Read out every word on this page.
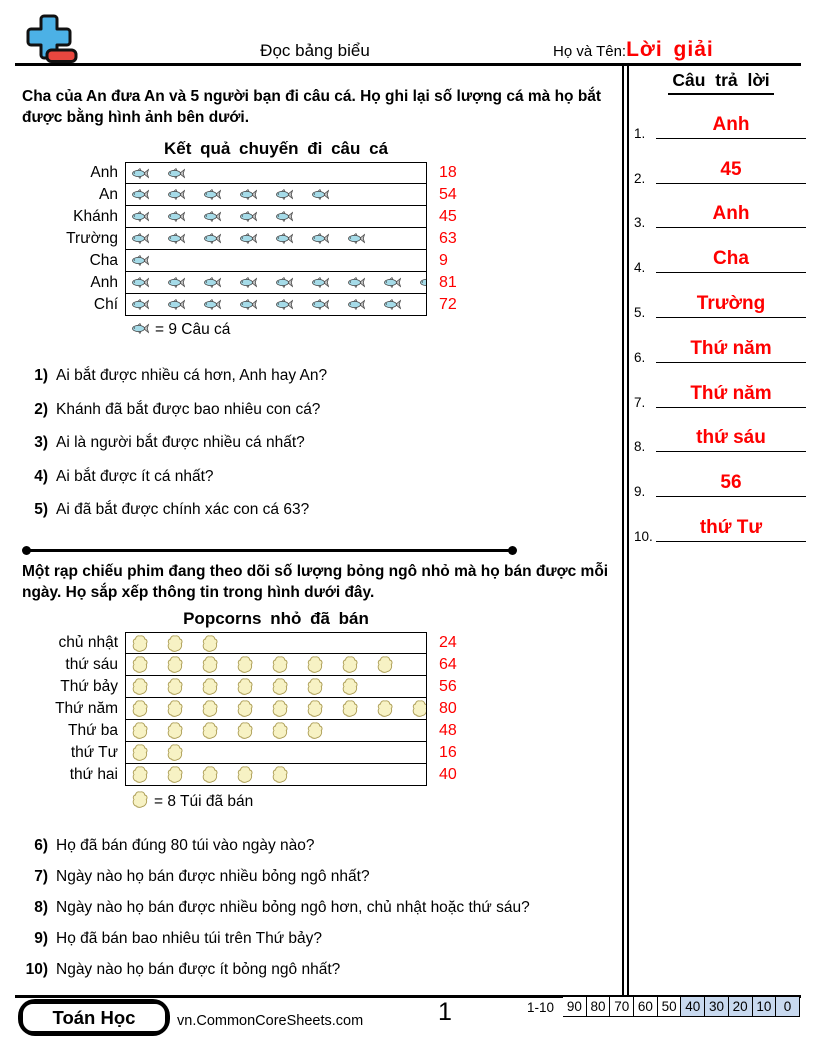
Đọc bảng biểu	Họ và Tên: Lời giải
Câu trả lời
1.	Anh
2.	45
3.	Anh
4.	Cha
5.	Trường
6.	Thứ năm
7.	Thứ năm
8.	thứ sáu
9.	56
10.	thứ Tư
Cha của An đưa An và 5 người bạn đi câu cá. Họ ghi lại số lượng cá mà họ bắt được bằng hình ảnh bên dưới.
Kết quả chuyến đi câu cá
Anh	18
An	54
Khánh	45
Trường	63
Cha	9
Anh	81
Chí	72
= 9 Câu cá
1) Ai bắt được nhiều cá hơn, Anh hay An?
2) Khánh đã bắt được bao nhiêu con cá?
3) Ai là người bắt được nhiều cá nhất?
4) Ai bắt được ít cá nhất?
5) Ai đã bắt được chính xác con cá 63?
Một rạp chiếu phim đang theo dõi số lượng bỏng ngô nhỏ mà họ bán được mỗi ngày. Họ sắp xếp thông tin trong hình dưới đây.
Popcorns nhỏ đã bán
chủ nhật	24
thứ sáu	64
Thứ bảy	56
Thứ năm	80
Thứ ba	48
thứ Tư	16
thứ hai	40
= 8 Túi đã bán
6) Họ đã bán đúng 80 túi vào ngày nào?
7) Ngày nào họ bán được nhiều bỏng ngô nhất?
8) Ngày nào họ bán được nhiều bỏng ngô hơn, chủ nhật hoặc thứ sáu?
9) Họ đã bán bao nhiêu túi trên Thứ bảy?
10) Ngày nào họ bán được ít bỏng ngô nhất?
Toán Học	vn.CommonCoreSheets.com	1	1-10 90 80 70 60 50 40 30 20 10 0
